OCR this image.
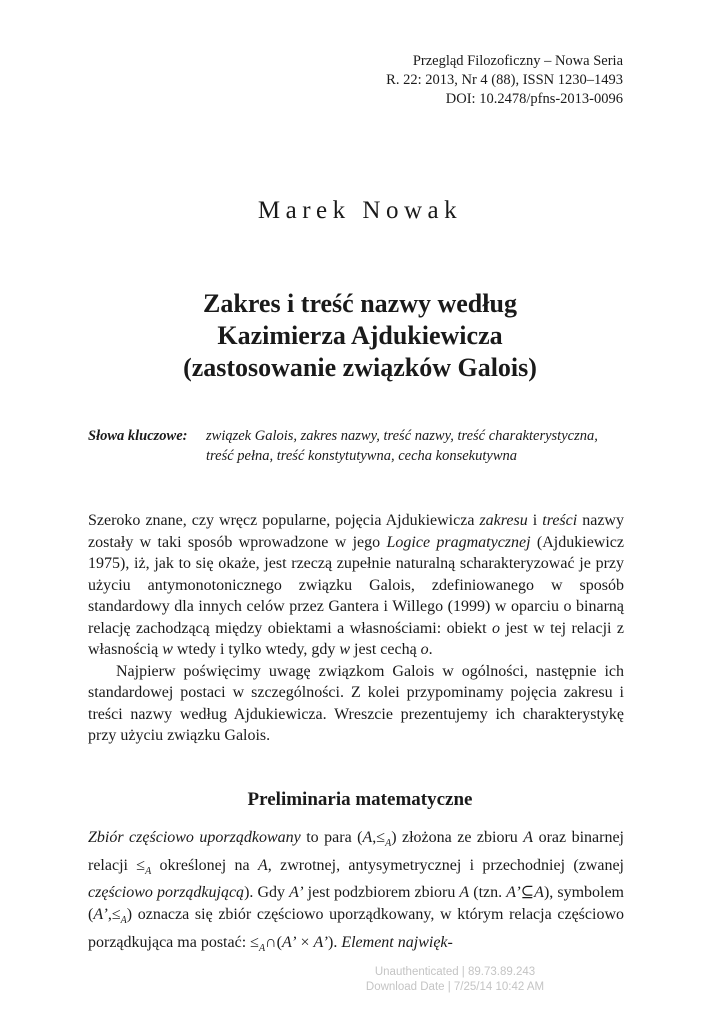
Przegląd Filozoficzny – Nowa Seria
R. 22: 2013, Nr 4 (88), ISSN 1230–1493
DOI: 10.2478/pfns-2013-0096
Marek Nowak
Zakres i treść nazwy według
Kazimierza Ajdukiewicza
(zastosowanie związków Galois)
Słowa kluczowe: związek Galois, zakres nazwy, treść nazwy, treść charakterystyczna, treść pełna, treść konstytutywna, cecha konsekutywna

Szeroko znane, czy wręcz popularne, pojęcia Ajdukiewicza zakresu i treści nazwy zostały w taki sposób wprowadzone w jego Logice pragmatycznej (Ajdukiewicz 1975), iż, jak to się okaże, jest rzeczą zupełnie naturalną scharakteryzować je przy użyciu antymonotonicznego związku Galois, zdefiniowanego w sposób standardowy dla innych celów przez Gantera i Willego (1999) w oparciu o binarną relację zachodzącą między obiektami a własnościami: obiekt o jest w tej relacji z własnością w wtedy i tylko wtedy, gdy w jest cechą o.

Najpierw poświęcimy uwagę związkom Galois w ogólności, następnie ich standardowej postaci w szczególności. Z kolei przypominamy pojęcia zakresu i treści nazwy według Ajdukiewicza. Wreszcie prezentujemy ich charakterystykę przy użyciu związku Galois.

Preliminaria matematyczne

Zbiór częściowo uporządkowany to para $(A,\le_A)$ złożona ze zbioru A oraz binarnej relacji $\le_A$ określonej na A, zwrotnej, antysymetrycznej i przechodniej (zwanej częściowo porządkującą). Gdy A’ jest podzbiorem zbioru A (tzn. A’⊆A), symbolem $(A’,\le_A)$ oznacza się zbiór częściowo uporządkowany, w którym relacja częściowo porządkująca ma postać: $\le_A\cap(A$’ × A’). Element najwięk-

Unauthenticated | 89.73.89.243
Download Date | 7/25/14 10:42 AM
